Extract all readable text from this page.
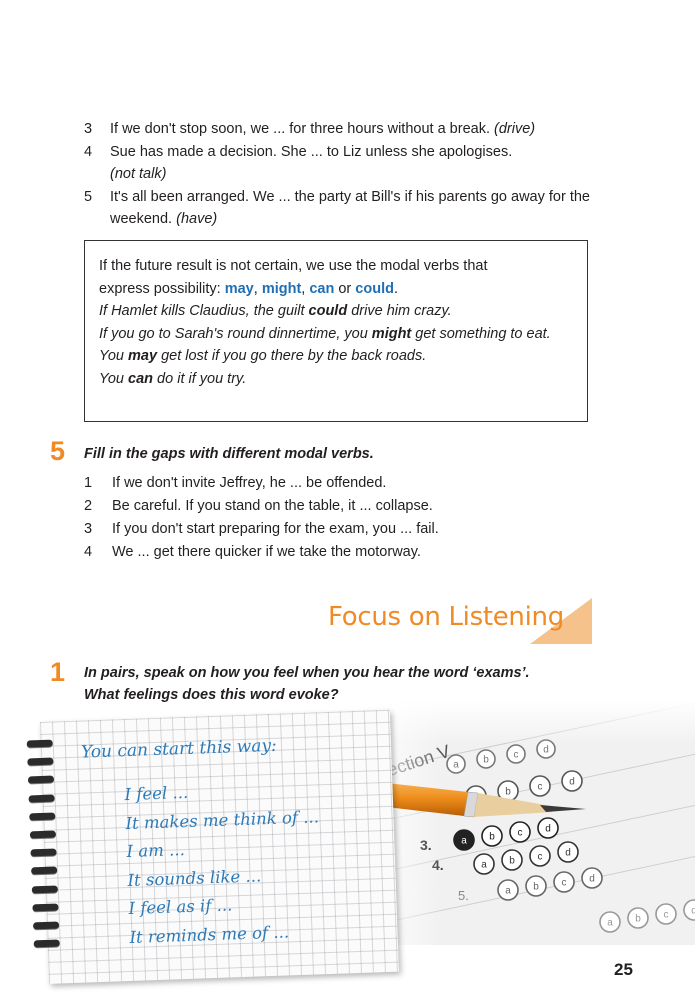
3	If we don't stop soon, we ... for three hours without a break. (drive)
4	Sue has made a decision. She ... to Liz unless she apologises.
(not talk)
5	It's all been arranged. We ... the party at Bill's if his parents go away for the weekend. (have)

If the future result is not certain, we use the modal verbs that

express possibility: may, might, can or could.

If Hamlet kills Claudius, the guilt could drive him crazy.

If you go to Sarah's round dinnertime, you might get something to eat.

You may get lost if you go there by the back roads.

You can do it if you try.

5 Fill in the gaps with different modal verbs.
1	If we don't invite Jeffrey, he ... be offended.
2	Be careful. If you stand on the table, it ... collapse.
3	If you don't start preparing for the exam, you ... fail.
4	We ... get there quicker if we take the motorway.
Focus on Listening
1 In pairs, speak on how you feel when you hear the word ‘exams’.
What feelings does this word evoke?
You can start this way:
I feel ...
It makes me think of ...
I am ...
It sounds like ...
I feel as if ...
It reminds me of ...
25
